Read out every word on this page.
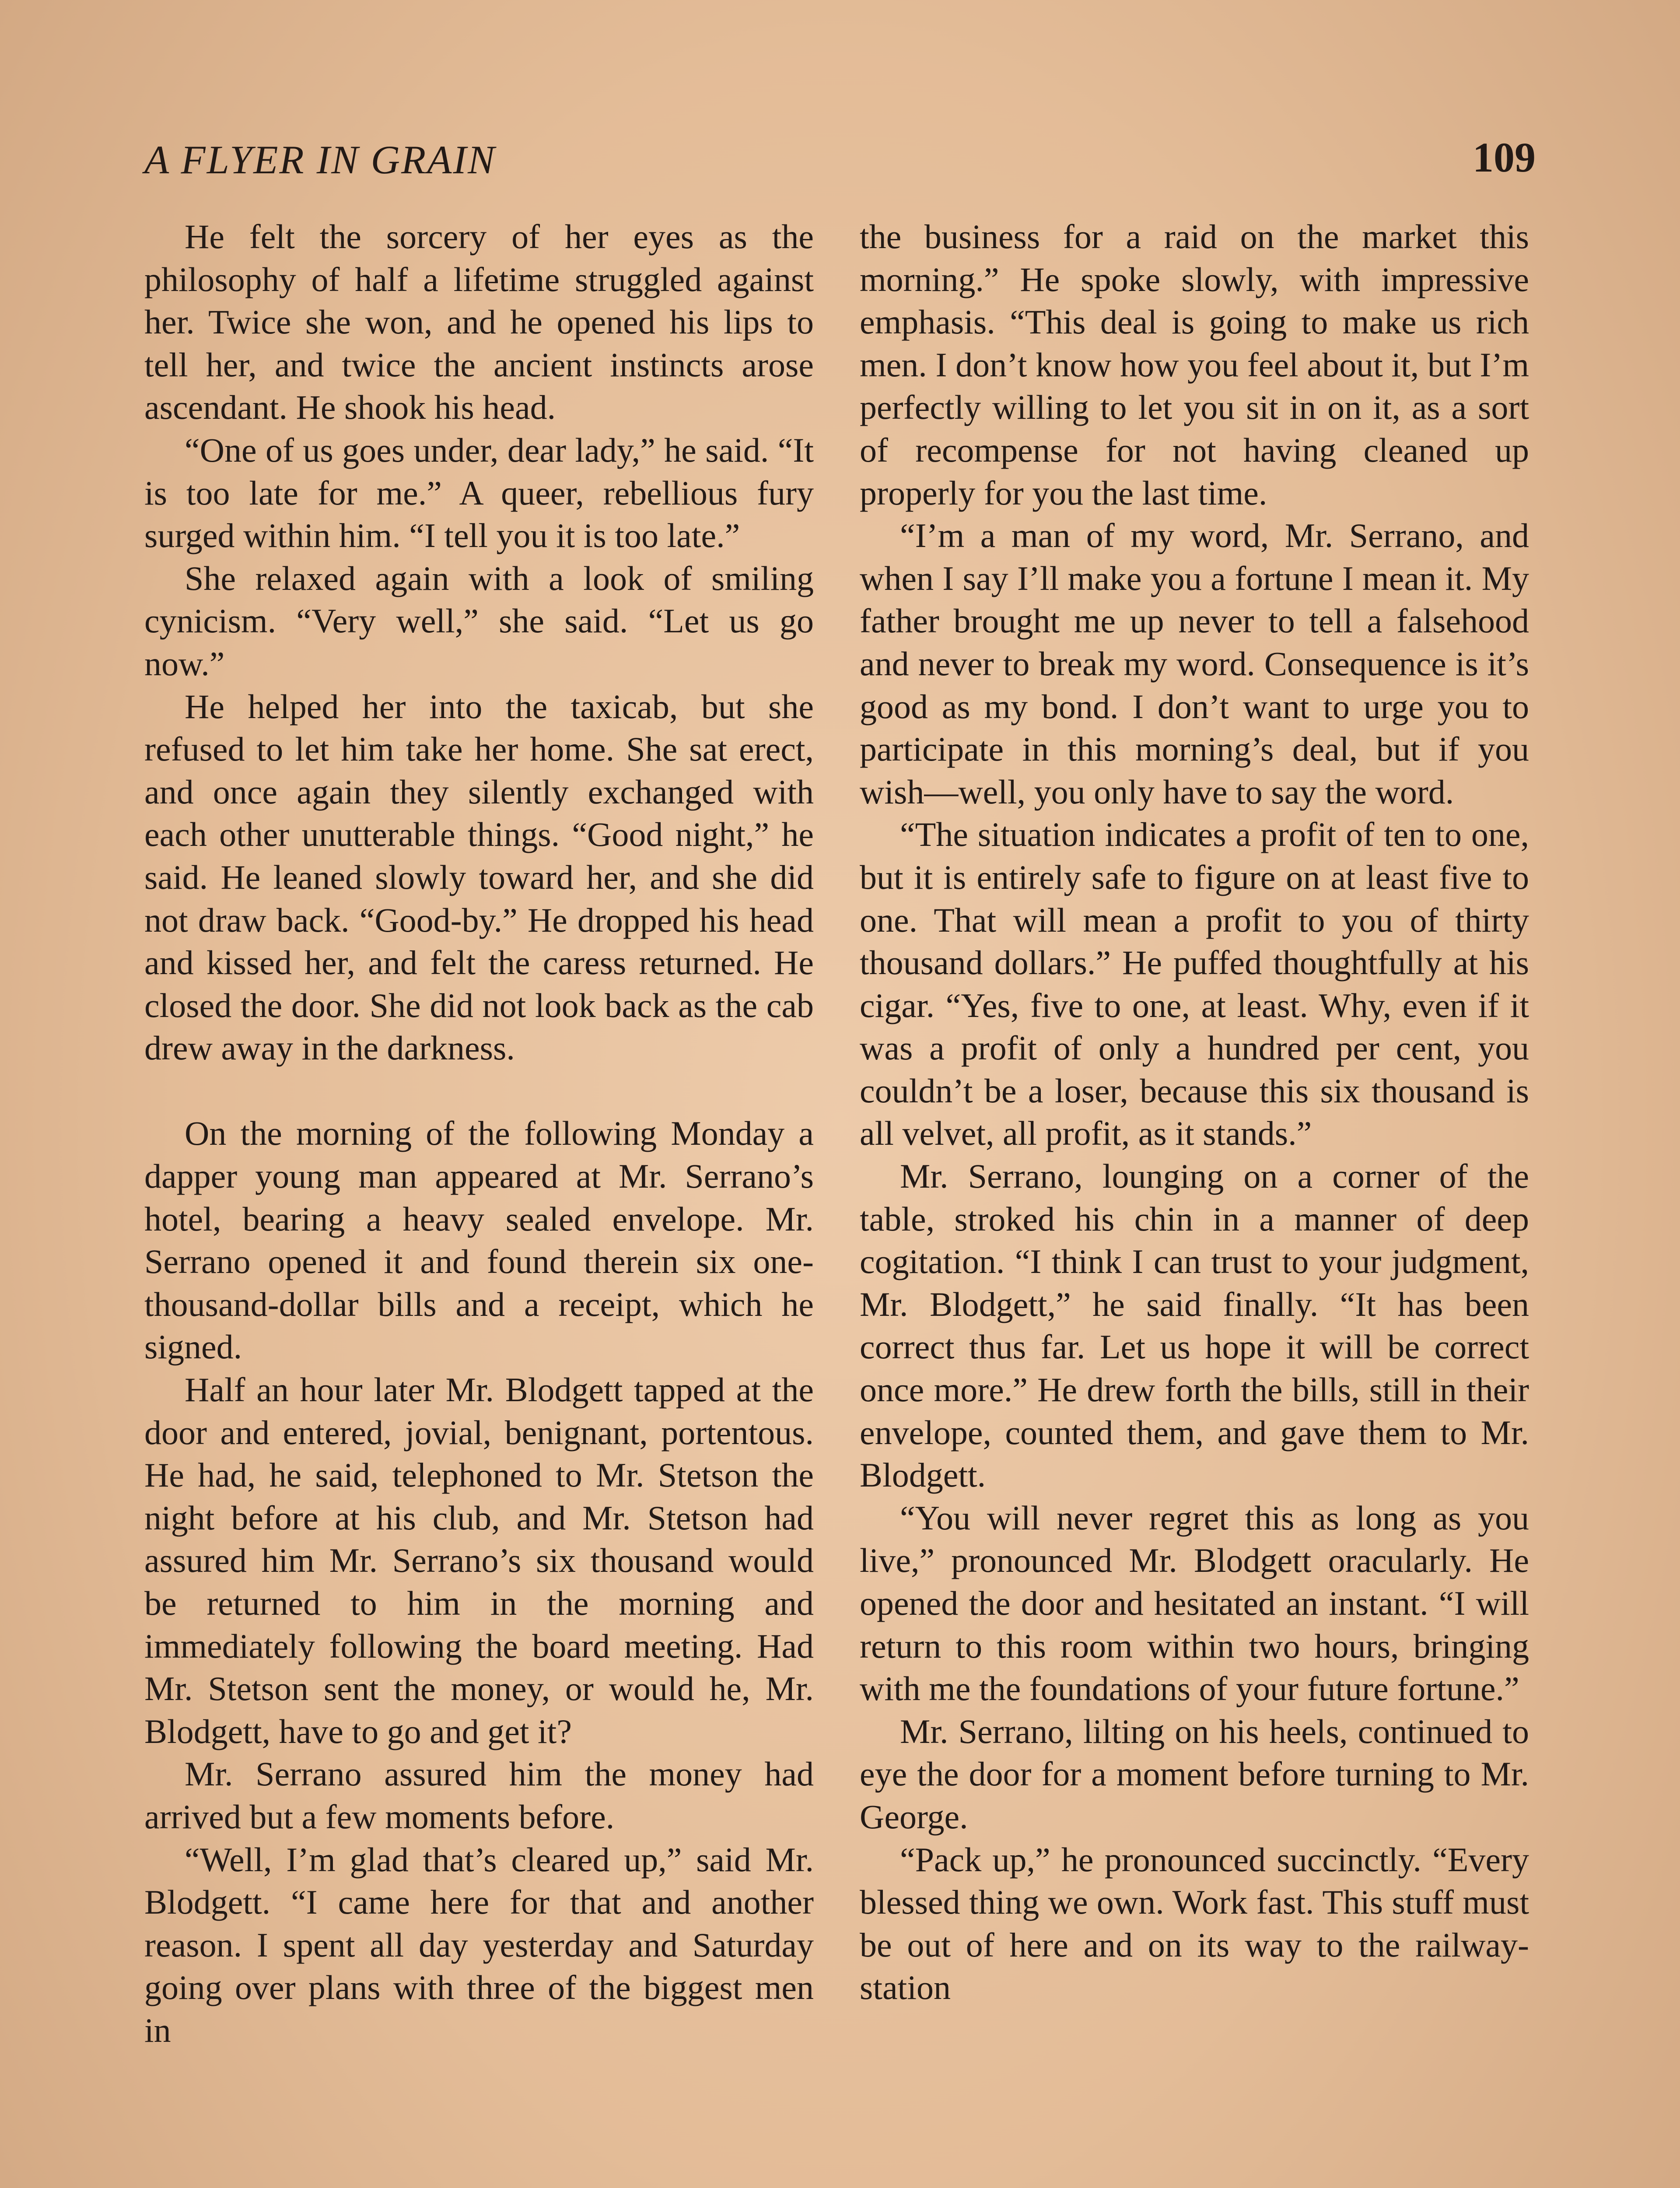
A FLYER IN GRAIN	109

He felt the sorcery of her eyes as the philosophy of half a lifetime struggled against her. Twice she won, and he opened his lips to tell her, and twice the ancient instincts arose ascendant. He shook his head.

“One of us goes under, dear lady,” he said. “It is too late for me.” A queer, rebellious fury surged within him. “I tell you it is too late.”

She relaxed again with a look of smiling cynicism. “Very well,” she said. “Let us go now.”

He helped her into the taxicab, but she refused to let him take her home. She sat erect, and once again they silently exchanged with each other unutterable things. “Good night,” he said. He leaned slowly toward her, and she did not draw back. “Good-by.” He dropped his head and kissed her, and felt the caress returned. He closed the door. She did not look back as the cab drew away in the darkness.

On the morning of the following Monday a dapper young man appeared at Mr. Serrano’s hotel, bearing a heavy sealed envelope. Mr. Serrano opened it and found therein six one-thousand-dollar bills and a receipt, which he signed.

Half an hour later Mr. Blodgett tapped at the door and entered, jovial, benignant, portentous. He had, he said, telephoned to Mr. Stetson the night before at his club, and Mr. Stetson had assured him Mr. Serrano’s six thousand would be returned to him in the morning and immediately following the board meeting. Had Mr. Stetson sent the money, or would he, Mr. Blodgett, have to go and get it?

Mr. Serrano assured him the money had arrived but a few moments before.

“Well, I’m glad that’s cleared up,” said Mr. Blodgett. “I came here for that and another reason. I spent all day yesterday and Saturday going over plans with three of the biggest men in

the business for a raid on the market this morning.” He spoke slowly, with impressive emphasis. “This deal is going to make us rich men. I don’t know how you feel about it, but I’m perfectly willing to let you sit in on it, as a sort of recompense for not having cleaned up properly for you the last time.

“I’m a man of my word, Mr. Serrano, and when I say I’ll make you a fortune I mean it. My father brought me up never to tell a falsehood and never to break my word. Consequence is it’s good as my bond. I don’t want to urge you to participate in this morning’s deal, but if you wish—well, you only have to say the word.

“The situation indicates a profit of ten to one, but it is entirely safe to figure on at least five to one. That will mean a profit to you of thirty thousand dollars.” He puffed thoughtfully at his cigar. “Yes, five to one, at least. Why, even if it was a profit of only a hundred per cent, you couldn’t be a loser, because this six thousand is all velvet, all profit, as it stands.”

Mr. Serrano, lounging on a corner of the table, stroked his chin in a manner of deep cogitation. “I think I can trust to your judgment, Mr. Blodgett,” he said finally. “It has been correct thus far. Let us hope it will be correct once more.” He drew forth the bills, still in their envelope, counted them, and gave them to Mr. Blodgett.

“You will never regret this as long as you live,” pronounced Mr. Blodgett oracularly. He opened the door and hesitated an instant. “I will return to this room within two hours, bringing with me the foundations of your future fortune.”

Mr. Serrano, lilting on his heels, continued to eye the door for a moment before turning to Mr. George.

“Pack up,” he pronounced succinctly. “Every blessed thing we own. Work fast. This stuff must be out of here and on its way to the railway-station
